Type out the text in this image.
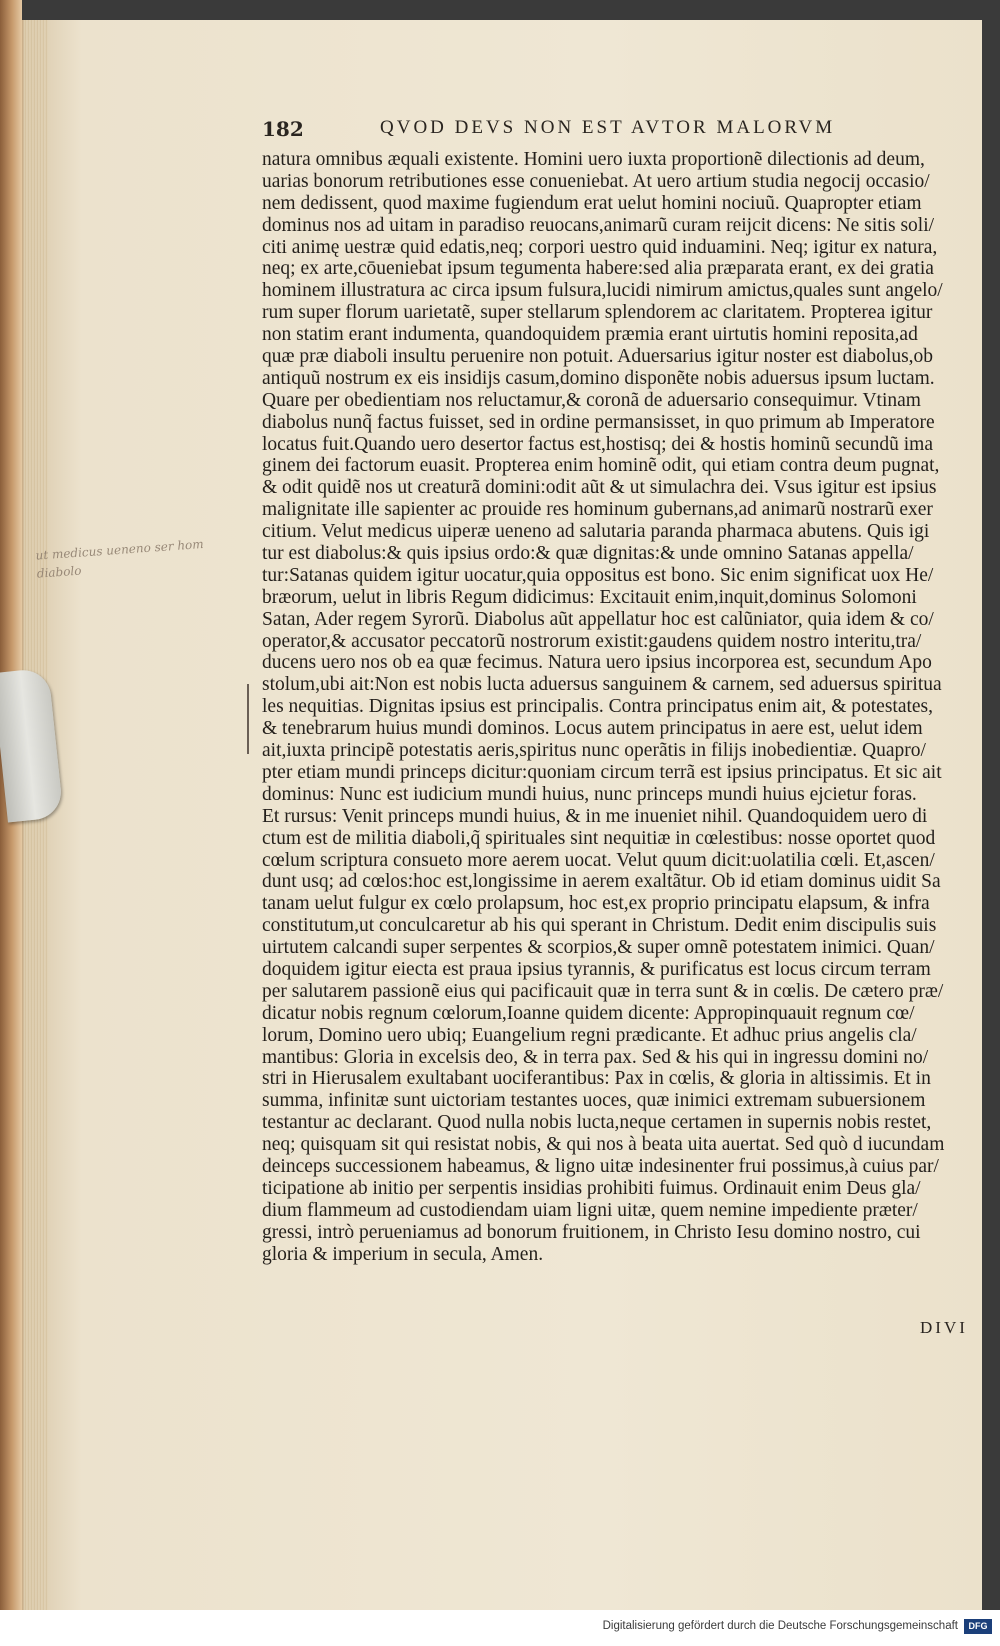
182	QVOD DEVS NON EST AVTOR MALORVM
ut medicus ueneno ser hom
diabolo
natura omnibus æquali existente. Homini uero iuxta proportionẽ dilectionis ad deum,
uarias bonorum retributiones esse conueniebat. At uero artium studia negocij occasio/
nem dedissent, quod maxime fugiendum erat uelut homini nociuũ. Quapropter etiam
dominus nos ad uitam in paradiso reuocans,animarũ curam reijcit dicens: Ne sitis soli/
citi animę uestræ quid edatis,neq; corpori uestro quid induamini. Neq; igitur ex natura,
neq; ex arte,cōueniebat ipsum tegumenta habere:sed alia præparata erant, ex dei gratia
hominem illustratura ac circa ipsum fulsura,lucidi nimirum amictus,quales sunt angelo/
rum super florum uarietatẽ, super stellarum splendorem ac claritatem. Propterea igitur
non statim erant indumenta, quandoquidem præmia erant uirtutis homini reposita,ad
quæ præ diaboli insultu peruenire non potuit. Aduersarius igitur noster est diabolus,ob
antiquũ nostrum ex eis insidijs casum,domino disponẽte nobis aduersus ipsum luctam.
Quare per obedientiam nos reluctamur,& coronã de aduersario consequimur. Vtinam
diabolus nunq̃ factus fuisset, sed in ordine permansisset, in quo primum ab Imperatore
locatus fuit.Quando uero desertor factus est,hostisq; dei & hostis hominũ secundũ ima
ginem dei factorum euasit. Propterea enim hominẽ odit, qui etiam contra deum pugnat,
& odit quidẽ nos ut creaturã domini:odit aũt & ut simulachra dei. Vsus igitur est ipsius
malignitate ille sapienter ac prouide res hominum gubernans,ad animarũ nostrarũ exer
citium. Velut medicus uiperæ ueneno ad salutaria paranda pharmaca abutens. Quis igi
tur est diabolus:& quis ipsius ordo:& quæ dignitas:& unde omnino Satanas appella/
tur:Satanas quidem igitur uocatur,quia oppositus est bono. Sic enim significat uox He/
bræorum, uelut in libris Regum didicimus: Excitauit enim,inquit,dominus Solomoni
Satan, Ader regem Syrorũ. Diabolus aũt appellatur hoc est calũniator, quia idem & co/
operator,& accusator peccatorũ nostrorum existit:gaudens quidem nostro interitu,tra/
ducens uero nos ob ea quæ fecimus. Natura uero ipsius incorporea est, secundum Apo
stolum,ubi ait:Non est nobis lucta aduersus sanguinem & carnem, sed aduersus spiritua
les nequitias. Dignitas ipsius est principalis. Contra principatus enim ait, & potestates,
& tenebrarum huius mundi dominos. Locus autem principatus in aere est, uelut idem
ait,iuxta principẽ potestatis aeris,spiritus nunc operãtis in filijs inobedientiæ. Quapro/
pter etiam mundi princeps dicitur:quoniam circum terrã est ipsius principatus. Et sic ait
dominus: Nunc est iudicium mundi huius, nunc princeps mundi huius ejcietur foras.
Et rursus: Venit princeps mundi huius, & in me inueniet nihil. Quandoquidem uero di
ctum est de militia diaboli,q̃ spirituales sint nequitiæ in cœlestibus: nosse oportet quod
cœlum scriptura consueto more aerem uocat. Velut quum dicit:uolatilia cœli. Et,ascen/
dunt usq; ad cœlos:hoc est,longissime in aerem exaltãtur. Ob id etiam dominus uidit Sa
tanam uelut fulgur ex cœlo prolapsum, hoc est,ex proprio principatu elapsum, & infra
constitutum,ut conculcaretur ab his qui sperant in Christum. Dedit enim discipulis suis
uirtutem calcandi super serpentes & scorpios,& super omnẽ potestatem inimici. Quan/
doquidem igitur eiecta est praua ipsius tyrannis, & purificatus est locus circum terram
per salutarem passionẽ eius qui pacificauit quæ in terra sunt & in cœlis. De cætero præ/
dicatur nobis regnum cœlorum,Ioanne quidem dicente: Appropinquauit regnum cœ/
lorum, Domino uero ubiq; Euangelium regni prædicante. Et adhuc prius angelis cla/
mantibus: Gloria in excelsis deo, & in terra pax. Sed & his qui in ingressu domini no/
stri in Hierusalem exultabant uociferantibus: Pax in cœlis, & gloria in altissimis. Et in
summa, infinitæ sunt uictoriam testantes uoces, quæ inimici extremam subuersionem
testantur ac declarant. Quod nulla nobis lucta,neque certamen in supernis nobis restet,
neq; quisquam sit qui resistat nobis, & qui nos à beata uita auertat. Sed quò d iucundam
deinceps successionem habeamus, & ligno uitæ indesinenter frui possimus,à cuius par/
ticipatione ab initio per serpentis insidias prohibiti fuimus. Ordinauit enim Deus gla/
dium flammeum ad custodiendam uiam ligni uitæ, quem nemine impediente præter/
gressi, intrò perueniamus ad bonorum fruitionem, in Christo Iesu domino nostro, cui
gloria & imperium in secula, Amen.
DIVI
Digitalisierung gefördert durch die Deutsche Forschungsgemeinschaft	DFG
